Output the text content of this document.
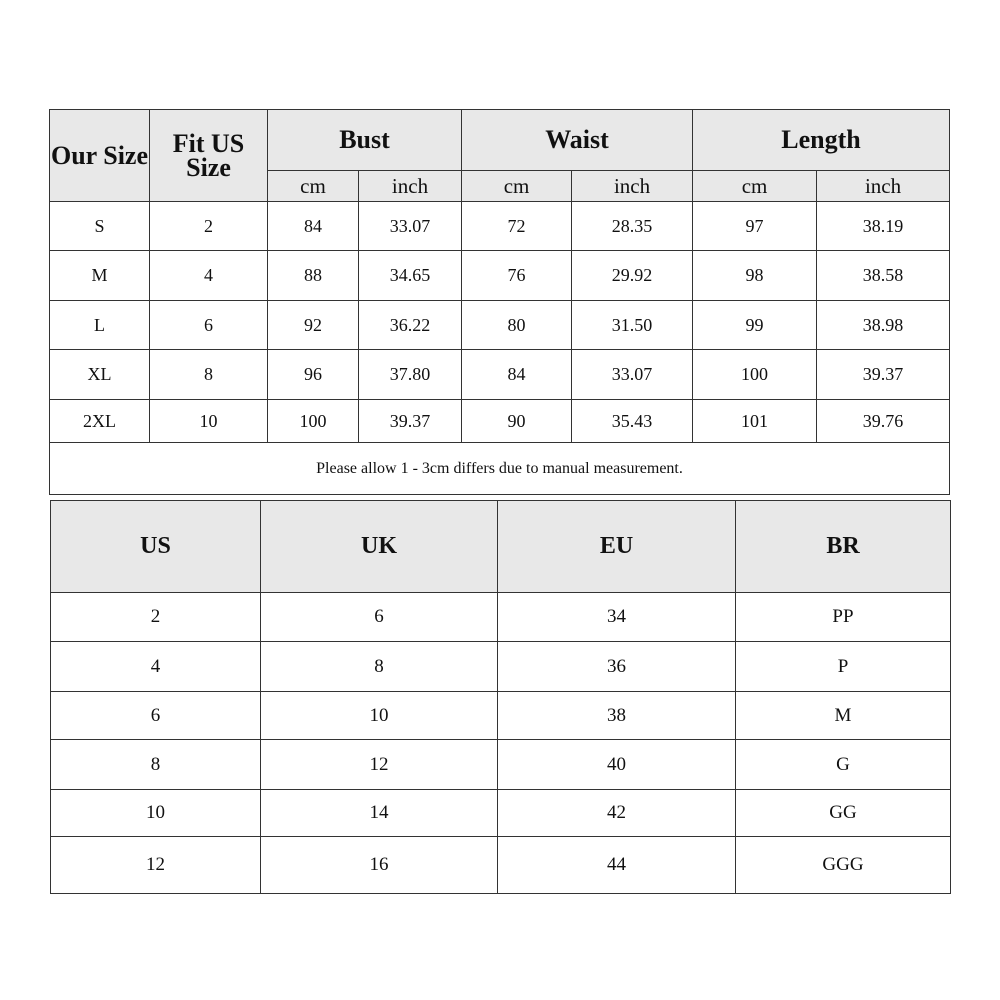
Our Size	Fit US Size	Bust		Waist		Length	
		cm	inch	cm	inch	cm	inch
S	2	84	33.07	72	28.35	97	38.19
M	4	88	34.65	76	29.92	98	38.58
L	6	92	36.22	80	31.50	99	38.98
XL	8	96	37.80	84	33.07	100	39.37
2XL	10	100	39.37	90	35.43	101	39.76
Please allow 1 - 3cm differs due to manual measurement.							
US	UK	EU	BR
2	6	34	PP
4	8	36	P
6	10	38	M
8	12	40	G
10	14	42	GG
12	16	44	GGG
